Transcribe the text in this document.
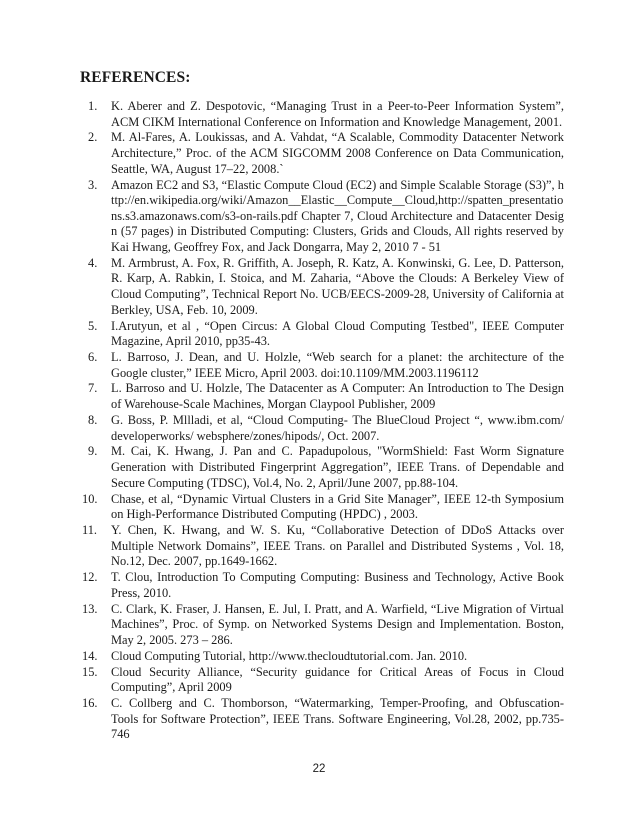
REFERENCES:
1.	K. Aberer and Z. Despotovic, “Managing Trust in a Peer-to-Peer Information System”, ACM CIKM International Conference on Information and Knowledge Management, 2001.
2.	M. Al-Fares, A. Loukissas, and A. Vahdat, “A Scalable, Commodity Datacenter Network Architecture,” Proc. of the ACM SIGCOMM 2008 Conference on Data Communication, Seattle, WA, August 17–22, 2008.`
3.	Amazon EC2 and S3, “Elastic Compute Cloud (EC2) and Simple Scalable Storage (S3)”, http://en.wikipedia.org/wiki/Amazon__Elastic__Compute__Cloud,http://spatten_presentations.s3.amazonaws.com/s3-on-rails.pdf Chapter 7, Cloud Architecture and Datacenter Design (57 pages) in Distributed Computing: Clusters, Grids and Clouds, All rights reserved by Kai Hwang, Geoffrey Fox, and Jack Dongarra, May 2, 2010 7 - 51
4.	M. Armbrust, A. Fox, R. Griffith, A. Joseph, R. Katz, A. Konwinski, G. Lee, D. Patterson, R. Karp, A. Rabkin, I. Stoica, and M. Zaharia, “Above the Clouds: A Berkeley View of Cloud Computing”, Technical Report No. UCB/EECS-2009-28, University of California at Berkley, USA, Feb. 10, 2009.
5.	I.Arutyun, et al , “Open Circus: A Global Cloud Computing Testbed", IEEE Computer Magazine, April 2010, pp35-43.
6.	L. Barroso, J. Dean, and U. Holzle, “Web search for a planet: the architecture of the Google cluster,” IEEE Micro, April 2003. doi:10.1109/MM.2003.1196112
7.	L. Barroso and U. Holzle, The Datacenter as A Computer: An Introduction to The Design of Warehouse-Scale Machines, Morgan Claypool Publisher, 2009
8.	G. Boss, P. Mllladi, et al, “Cloud Computing- The BlueCloud Project “, www.ibm.com/ developerworks/ websphere/zones/hipods/, Oct. 2007.
9.	M. Cai, K. Hwang, J. Pan and C. Papadupolous, "WormShield: Fast Worm Signature Generation with Distributed Fingerprint Aggregation”, IEEE Trans. of Dependable and Secure Computing (TDSC), Vol.4, No. 2, April/June 2007, pp.88-104.
10.	Chase, et al, “Dynamic Virtual Clusters in a Grid Site Manager”, IEEE 12-th Symposium on High-Performance Distributed Computing (HPDC) , 2003.
11.	Y. Chen, K. Hwang, and W. S. Ku, “Collaborative Detection of DDoS Attacks over Multiple Network Domains”, IEEE Trans. on Parallel and Distributed Systems , Vol. 18, No.12, Dec. 2007, pp.1649-1662.
12.	T. Clou, Introduction To Computing Computing: Business and Technology, Active Book Press, 2010.
13.	C. Clark, K. Fraser, J. Hansen, E. Jul, I. Pratt, and A. Warfield, “Live Migration of Virtual Machines”, Proc. of Symp. on Networked Systems Design and Implementation. Boston, May 2, 2005. 273 – 286.
14.	Cloud Computing Tutorial, http://www.thecloudtutorial.com. Jan. 2010.
15.	Cloud Security Alliance, “Security guidance for Critical Areas of Focus in Cloud Computing”, April 2009
16.	C. Collberg and C. Thomborson, “Watermarking, Temper-Proofing, and Obfuscation- Tools for Software Protection”, IEEE Trans. Software Engineering, Vol.28, 2002, pp.735-746
22
